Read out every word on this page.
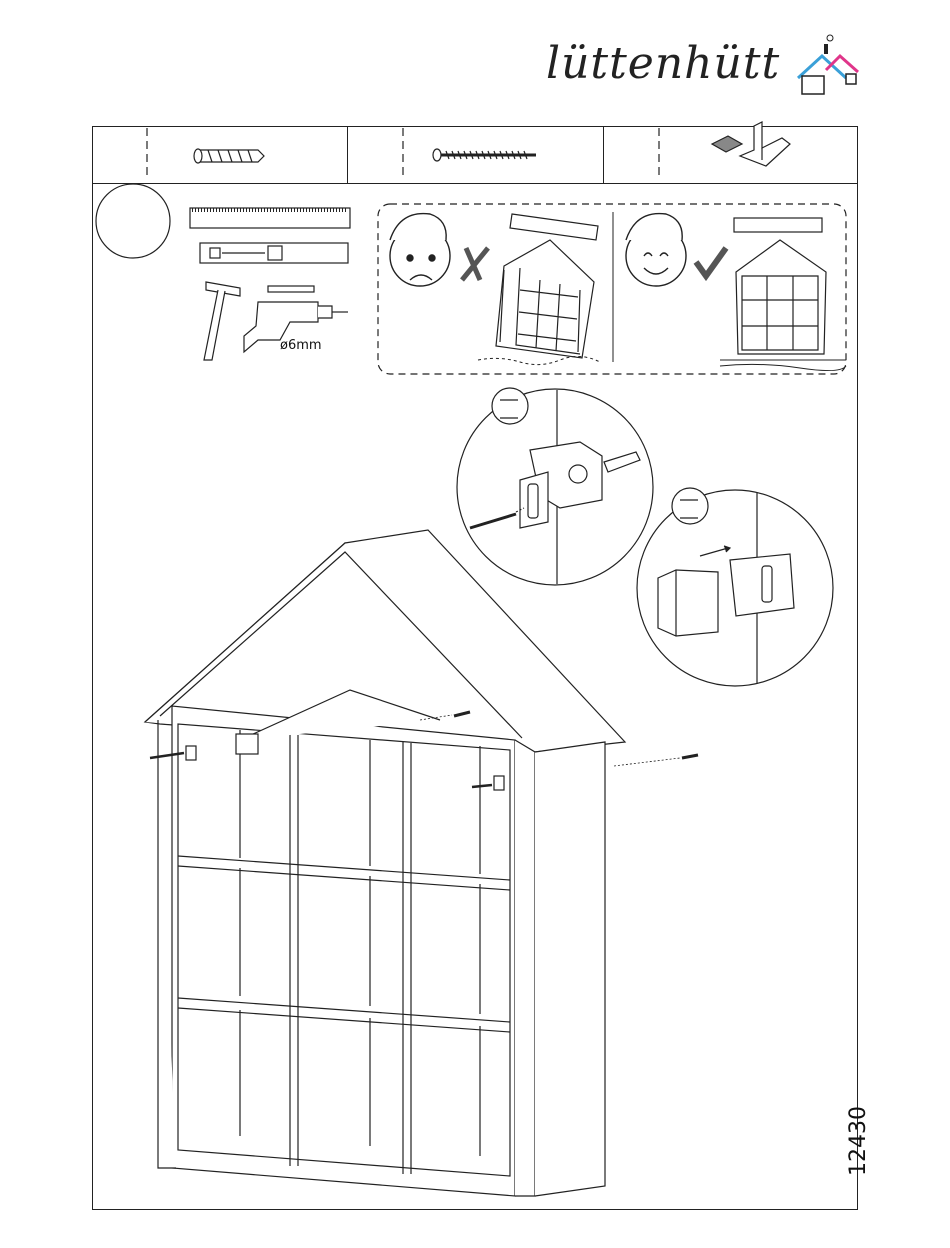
lüttenhütt
ø6mm
12430
